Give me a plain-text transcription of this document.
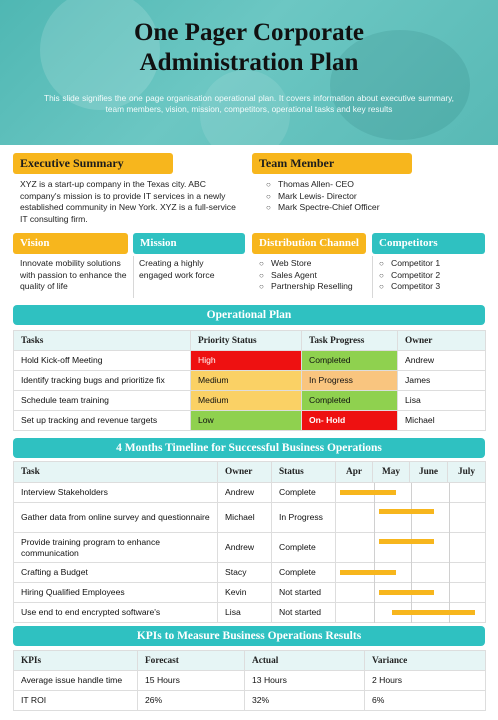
One Pager Corporate
Administration Plan

This slide signifies the one page organisation operational plan. It covers information about executive summary, team members, vision, mission, competitors, operational tasks and key results

Executive Summary
XYZ is a start-up company in the Texas city. ABC company's mission is to provide IT services in a newly established community in New York. XYZ is a full-service IT consulting firm.
Team Member
○ Thomas Allen- CEO
○ Mark Lewis- Director
○ Mark Spectre-Chief Officer
Vision	Mission	Distribution Channel	Competitors
Innovate mobility solutions with passion to enhance the quality of life
Creating a highly engaged work force
○ Web Store
○ Sales Agent
○ Partnership Reselling
○ Competitor 1
○ Competitor 2
○ Competitor 3
Operational Plan
Tasks	Priority Status	Task Progress	Owner
Hold Kick-off Meeting	High	Completed	Andrew
Identify tracking bugs and prioritize fix	Medium	In Progress	James
Schedule team training	Medium	Completed	Lisa
Set up tracking and revenue targets	Low	On- Hold	Michael
4 Months Timeline for Successful Business Operations
Task	Owner	Status	Apr	May	June	July
Interview Stakeholders	Andrew	Complete				

Gather data from online survey and questionnaire	Michael	In Progress				

Provide training program to enhance communication	Andrew	Complete				

Crafting a Budget	Stacy	Complete				

Hiring Qualified Employees	Kevin	Not started				

Use end to end encrypted software's	Lisa	Not started				
KPIs to Measure Business Operations Results
KPIs	Forecast	Actual	Variance
Average issue handle time	15 Hours	13 Hours	2 Hours
IT ROI	26%	32%	6%
